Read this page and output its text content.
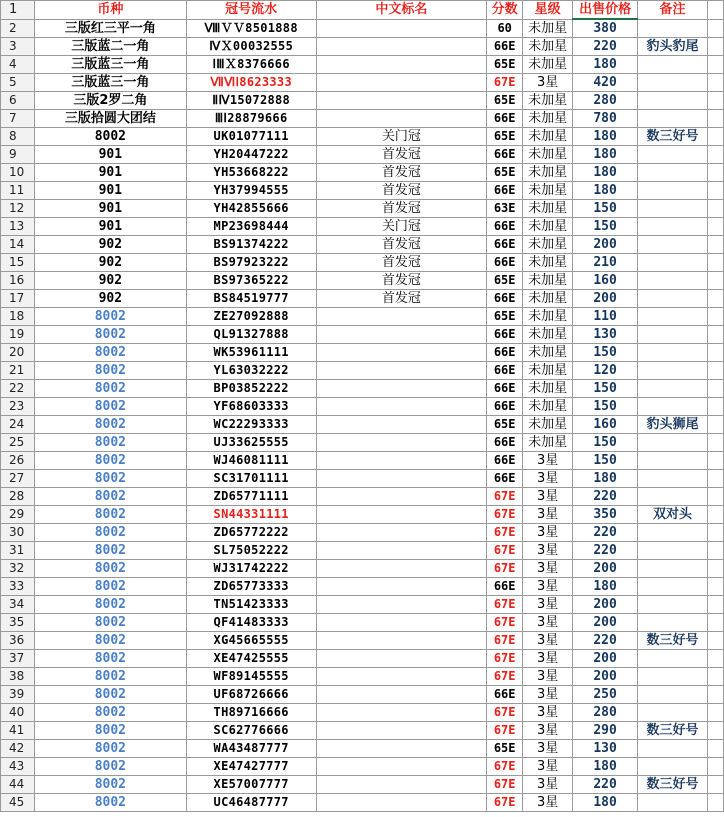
1	币种	冠号流水	中文标名	分数	星级	出售价格	备注	
2	三版红三平一角	ⅧＶＶ8501888		60	未加星	380		
3	三版蓝二一角	ⅣＸ00032555		66E	未加星	220	豹头豹尾	
4	三版蓝三一角	ⅠⅢＸ8376666		65E	未加星	180		
5	三版蓝三一角	ⅦⅥⅠ8623333		67E	3星	420		
6	三版2罗二角	ⅡⅣ15072888		65E	未加星	280		
7	三版拾圆大团结	ⅢⅠ28879666		66E	未加星	780		
8	8002	UK01077111	关门冠	65E	未加星	180	数三好号	
9	901	YH20447222	首发冠	66E	未加星	180		
10	901	YH53668222	首发冠	65E	未加星	180		
11	901	YH37994555	首发冠	66E	未加星	180		
12	901	YH42855666	首发冠	63E	未加星	150		
13	901	MP23698444	关门冠	66E	未加星	150		
14	902	BS91374222	首发冠	66E	未加星	200		
15	902	BS97923222	首发冠	66E	未加星	210		
16	902	BS97365222	首发冠	65E	未加星	160		
17	902	BS84519777	首发冠	66E	未加星	200		
18	8002	ZE27092888		65E	未加星	110		
19	8002	QL91327888		66E	未加星	130		
20	8002	WK53961111		66E	未加星	150		
21	8002	YL63032222		66E	未加星	120		
22	8002	BP03852222		66E	未加星	150		
23	8002	YF68603333		66E	未加星	150		
24	8002	WC22293333		65E	未加星	160	豹头狮尾	
25	8002	UJ33625555		66E	未加星	150		
26	8002	WJ46081111		66E	3星	150		
27	8002	SC31701111		66E	3星	180		
28	8002	ZD65771111		67E	3星	220		
29	8002	SN44331111		67E	3星	350	双对头	
30	8002	ZD65772222		67E	3星	220		
31	8002	SL75052222		67E	3星	220		
32	8002	WJ31742222		67E	3星	200		
33	8002	ZD65773333		66E	3星	180		
34	8002	TN51423333		67E	3星	200		
35	8002	QF41483333		67E	3星	200		
36	8002	XG45665555		67E	3星	220	数三好号	
37	8002	XE47425555		67E	3星	200		
38	8002	WF89145555		67E	3星	200		
39	8002	UF68726666		66E	3星	250		
40	8002	TH89716666		67E	3星	280		
41	8002	SC62776666		67E	3星	290	数三好号	
42	8002	WA43487777		65E	3星	130		
43	8002	XE47427777		67E	3星	180		
44	8002	XE57007777		67E	3星	220	数三好号	
45	8002	UC46487777		67E	3星	180		
